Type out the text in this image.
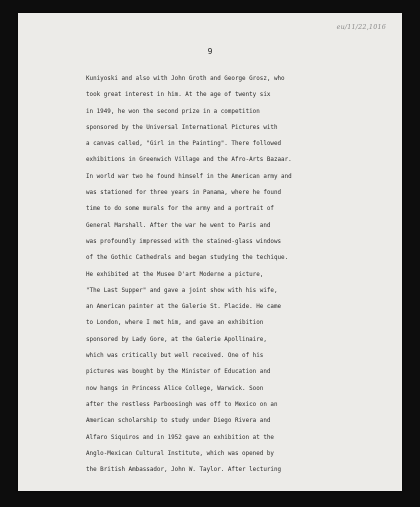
eu/11/22,1016
9
Kuniyoski and also with John Groth and George Grosz, who
took great interest in him. At the age of twenty six
in 1949, he won the second prize in a competition
sponsored by the Universal International Pictures with
a canvas called, "Girl in the Painting". There followed
exhibitions in Greenwich Village and the Afro-Arts Bazaar.
In world war two he found himself in the American army and
was stationed for three years in Panama, where he found
time to do some murals for the army and a portrait of
General Marshall. After the war he went to Paris and
was profoundly impressed with the stained-glass windows
of the Gothic Cathedrals and began studying the techique.
He exhibited at the Musee D'art Moderne a picture,
"The Last Supper" and gave a joint show with his wife,
an American painter at the Galerie St. Placide. He came
to London, where I met him, and gave an exhibition
sponsored by Lady Gore, at the Galerie Apollinaire,
which was critically but well received. One of his
pictures was bought by the Minister of Education and
now hangs in Princess Alice College, Warwick. Soon
after the restless Parboosingh was off to Mexico on an
American scholarship to study under Diego Rivera and
Alfaro Siquiros and in 1952 gave an exhibition at the
Anglo-Mexican Cultural Institute, which was opened by
the British Ambassador, John W. Taylor. After lecturing
